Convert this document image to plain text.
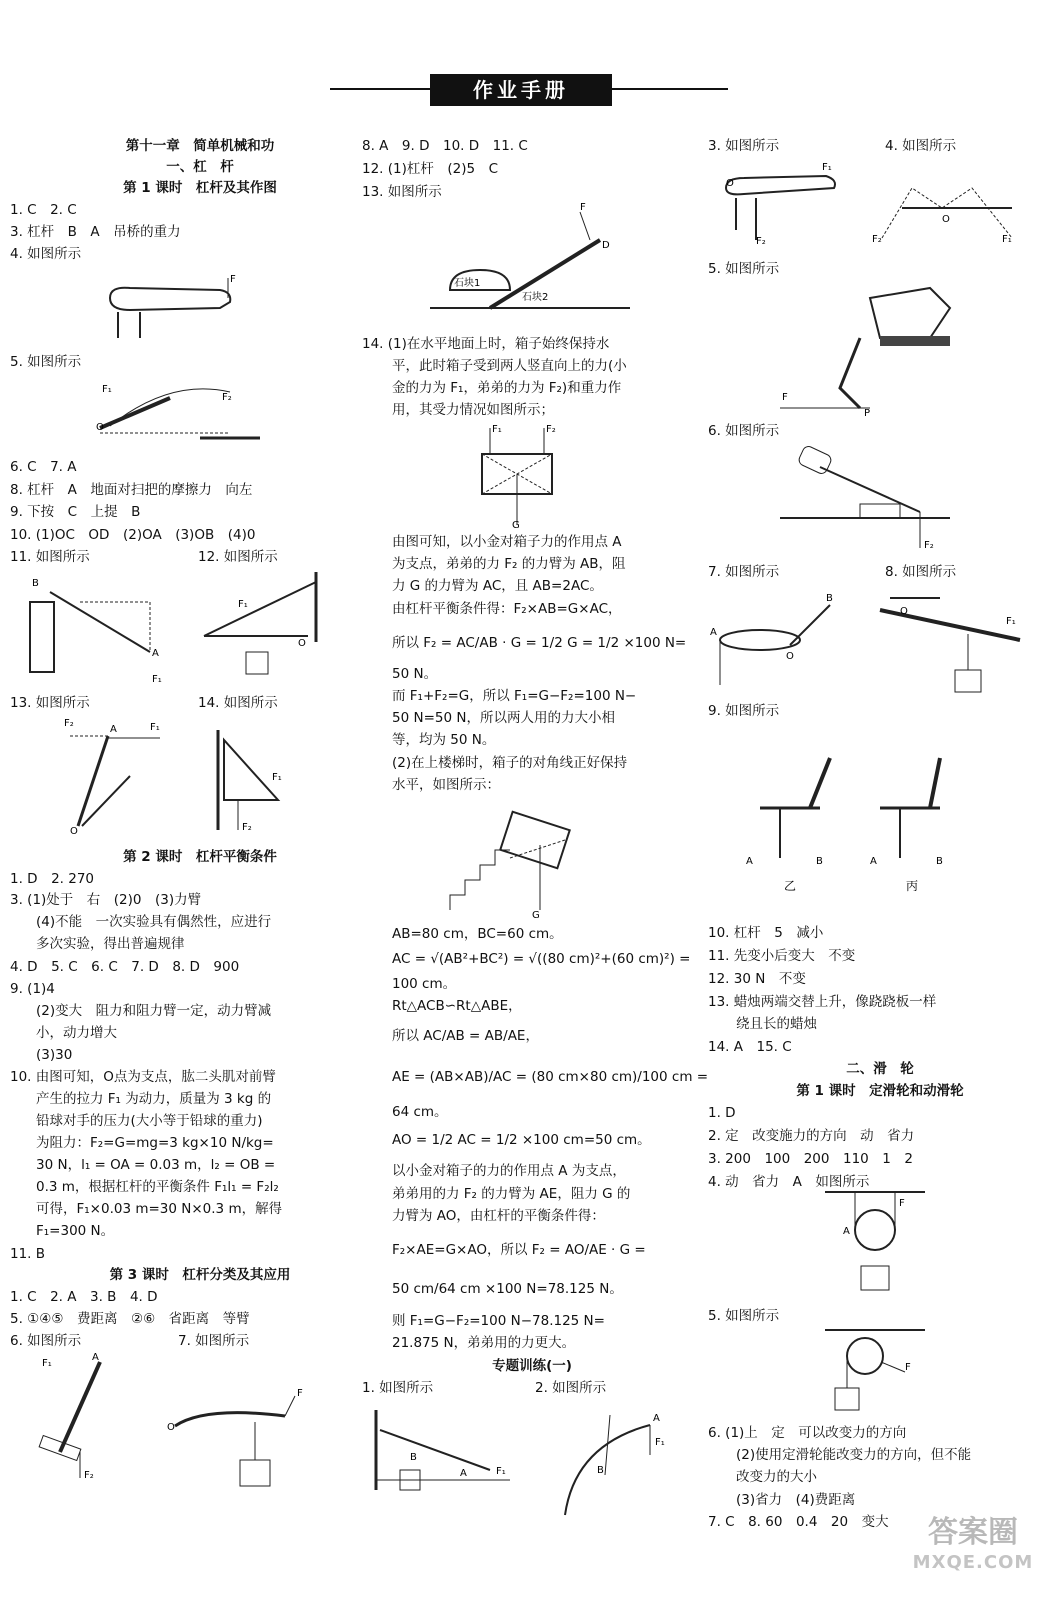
作业手册
第十一章　简单机械和功
一、杠　杆
第 1 课时　杠杆及其作图
1. C　2. C
3. 杠杆　B　A　吊桥的重力
4. 如图所示
5. 如图所示
6. C　7. A
8. 杠杆　A　地面对扫把的摩擦力　向左
9. 下按　C　上提　B
10. (1)OC　OD　(2)OA　(3)OB　(4)0
11. 如图所示	12. 如图所示
13. 如图所示	14. 如图所示
第 2 课时　杠杆平衡条件
1. D　2. 270
3. (1)处于　右　(2)0　(3)力臂
(4)不能　一次实验具有偶然性，应进行
多次实验，得出普遍规律
4. D　5. C　6. C　7. D　8. D　900
9. (1)4
(2)变大　阻力和阻力臂一定，动力臂减
小，动力增大
(3)30
10. 由图可知，O点为支点，肱二头肌对前臂
产生的拉力 F₁ 为动力，质量为 3 kg 的
铅球对手的压力(大小等于铅球的重力)
为阻力：F₂=G=mg=3 kg×10 N/kg=
30 N，l₁ = OA = 0.03 m，l₂ = OB =
0.3 m，根据杠杆的平衡条件 F₁l₁ = F₂l₂
可得，F₁×0.03 m=30 N×0.3 m，解得
F₁=300 N。
11. B
第 3 课时　杠杆分类及其应用
1. C　2. A　3. B　4. D
5. ①④⑤　费距离　②⑥　省距离　等臂
6. 如图所示	7. 如图所示
8. A　9. D　10. D　11. C
12. (1)杠杆　(2)5　C
13. 如图所示
14. (1)在水平地面上时，箱子始终保持水
平，此时箱子受到两人竖直向上的力(小
金的力为 F₁，弟弟的力为 F₂)和重力作
用，其受力情况如图所示；
由图可知，以小金对箱子力的作用点 A
为支点，弟弟的力 F₂ 的力臂为 AB，阻
力 G 的力臂为 AC，且 AB=2AC。
由杠杆平衡条件得：F₂×AB=G×AC，
所以 F₂ = AC/AB · G = 1/2 G = 1/2 ×100 N=
50 N。
而 F₁+F₂=G，所以 F₁=G−F₂=100 N−
50 N=50 N，所以两人用的力大小相
等，均为 50 N。
(2)在上楼梯时，箱子的对角线正好保持
水平，如图所示：
AB=80 cm，BC=60 cm。
AC = √(AB²+BC²) = √((80 cm)²+(60 cm)²) =
100 cm。
Rt△ACB∽Rt△ABE，
所以 AC/AB = AB/AE，
AE = (AB×AB)/AC = (80 cm×80 cm)/100 cm =
64 cm。
AO = 1/2 AC = 1/2 ×100 cm=50 cm。
以小金对箱子的力的作用点 A 为支点，
弟弟用的力 F₂ 的力臂为 AE，阻力 G 的
力臂为 AO，由杠杆的平衡条件得：
F₂×AE=G×AO，所以 F₂ = AO/AE · G =
50 cm/64 cm ×100 N=78.125 N。
则 F₁=G−F₂=100 N−78.125 N=
21.875 N，弟弟用的力更大。
专题训练(一)
1. 如图所示	2. 如图所示
3. 如图所示	4. 如图所示
5. 如图所示
6. 如图所示
7. 如图所示	8. 如图所示
9. 如图所示
10. 杠杆　5　减小
11. 先变小后变大　不变
12. 30 N　不变
13. 蜡烛两端交替上升，像跷跷板一样
绕且长的蜡烛
14. A　15. C
二、滑　轮
第 1 课时　定滑轮和动滑轮
1. D
2. 定　改变施力的方向　动　省力
3. 200　100　200　110　1　2
4. 动　省力　A　如图所示
5. 如图所示
6. (1)上　定　可以改变力的方向
(2)使用定滑轮能改变力的方向，但不能
改变力的大小
(3)省力　(4)费距离
7. C　8. 60　0.4　20　变大
F
O
F₁
F₂
B
A
F₁
F₁
O
F₂
A	F₁
O	F₂
F₁
石块1
石块2
F
D
F₁	F₂
G
G
B
A	F₁
A
F₁
B
F₁
O
F₂	F₂
O
F₁
F
P
F₂
A
B
O
O
F₁
A	B	A	B
乙	丙
F
A
F
F₁
A
F₂
O
F
答案圈
MXQE.COM
